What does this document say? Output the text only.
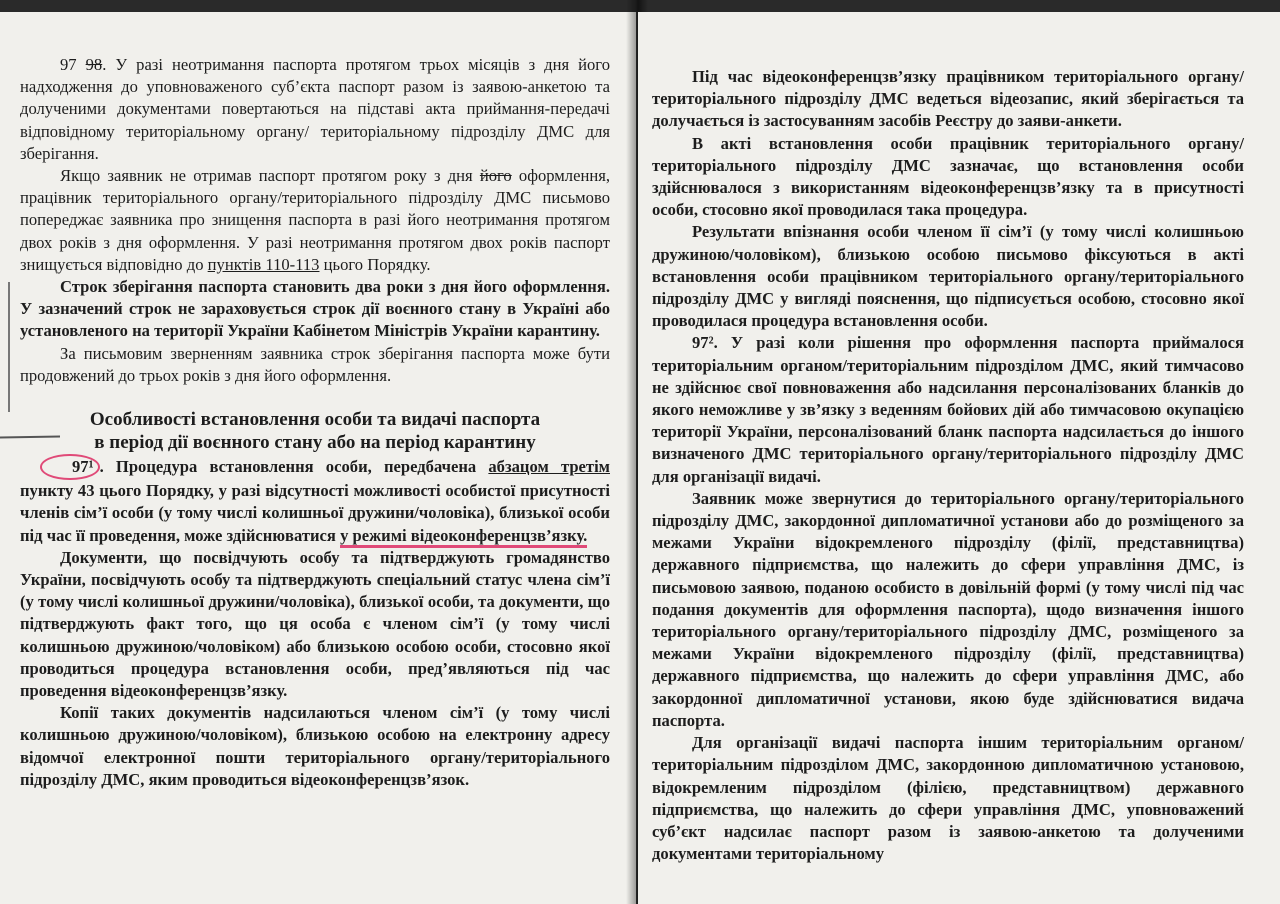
97 98. У разі неотримання паспорта протягом трьох місяців з дня його надходження до уповноваженого суб’єкта паспорт разом із заявою-анкетою та долученими документами повертаються на підставі акта приймання-передачі відповідному територіальному органу/ територіальному підрозділу ДМС для зберігання.

Якщо заявник не отримав паспорт протягом року з дня його оформлення, працівник територіального органу/територіального підрозділу ДМС письмово попереджає заявника про знищення паспорта в разі його неотримання протягом двох років з дня оформлення. У разі неотримання протягом двох років паспорт знищується відповідно до пунктів 110-113 цього Порядку.

Строк зберігання паспорта становить два роки з дня його оформлення. У зазначений строк не зараховується строк дії воєнного стану в Україні або установленого на території України Кабінетом Міністрів України карантину.

За письмовим зверненням заявника строк зберігання паспорта може бути продовжений до трьох років з дня його оформлення.

Особливості встановлення особи та видачі паспорта
в період дії воєнного стану або на період карантину

97¹ . Процедура встановлення особи, передбачена абзацом третім пункту 43 цього Порядку, у разі відсутності можливості особистої присутності членів сім’ї особи (у тому числі колишньої дружини/чоловіка), близької особи під час її проведення, може здійснюватися у режимі відеоконференцзв’язку.

Документи, що посвідчують особу та підтверджують громадянство України, посвідчують особу та підтверджують спеціальний статус члена сім’ї (у тому числі колишньої дружини/чоловіка), близької особи, та документи, що підтверджують факт того, що ця особа є членом сім’ї (у тому числі колишньою дружиною/чоловіком) або близькою особою особи, стосовно якої проводиться процедура встановлення особи, пред’являються під час проведення відеоконференцзв’язку.

Копії таких документів надсилаються членом сім’ї (у тому числі колишньою дружиною/чоловіком), близькою особою на електронну адресу відомчої електронної пошти територіального органу/територіального підрозділу ДМС, яким проводиться відеоконференцзв’язок.

Під час відеоконференцзв’язку працівником територіального органу/територіального підрозділу ДМС ведеться відеозапис, який зберігається та долучається із застосуванням засобів Реєстру до заяви-анкети.

В акті встановлення особи працівник територіального органу/територіального підрозділу ДМС зазначає, що встановлення особи здійснювалося з використанням відеоконференцзв’язку та в присутності особи, стосовно якої проводилася така процедура.

Результати впізнання особи членом її сім’ї (у тому числі колишньою дружиною/чоловіком), близькою особою письмово фіксуються в акті встановлення особи працівником територіального органу/територіального підрозділу ДМС у вигляді пояснення, що підписується особою, стосовно якої проводилася процедура встановлення особи.

97². У разі коли рішення про оформлення паспорта приймалося територіальним органом/територіальним підрозділом ДМС, який тимчасово не здійснює свої повноваження або надсилання персоналізованих бланків до якого неможливе у зв’язку з веденням бойових дій або тимчасовою окупацією території України, персоналізований бланк паспорта надсилається до іншого визначеного ДМС територіального органу/територіального підрозділу ДМС для організації видачі.

Заявник може звернутися до територіального органу/територіального підрозділу ДМС, закордонної дипломатичної установи або до розміщеного за межами України відокремленого підрозділу (філії, представництва) державного підприємства, що належить до сфери управління ДМС, із письмовою заявою, поданою особисто в довільній формі (у тому числі під час подання документів для оформлення паспорта), щодо визначення іншого територіального органу/територіального підрозділу ДМС, розміщеного за межами України відокремленого підрозділу (філії, представництва) державного підприємства, що належить до сфери управління ДМС, або закордонної дипломатичної установи, якою буде здійснюватися видача паспорта.

Для організації видачі паспорта іншим територіальним органом/територіальним підрозділом ДМС, закордонною дипломатичною установою, відокремленим підрозділом (філією, представництвом) державного підприємства, що належить до сфери управління ДМС, уповноважений суб’єкт надсилає паспорт разом із заявою-анкетою та долученими документами територіальному
